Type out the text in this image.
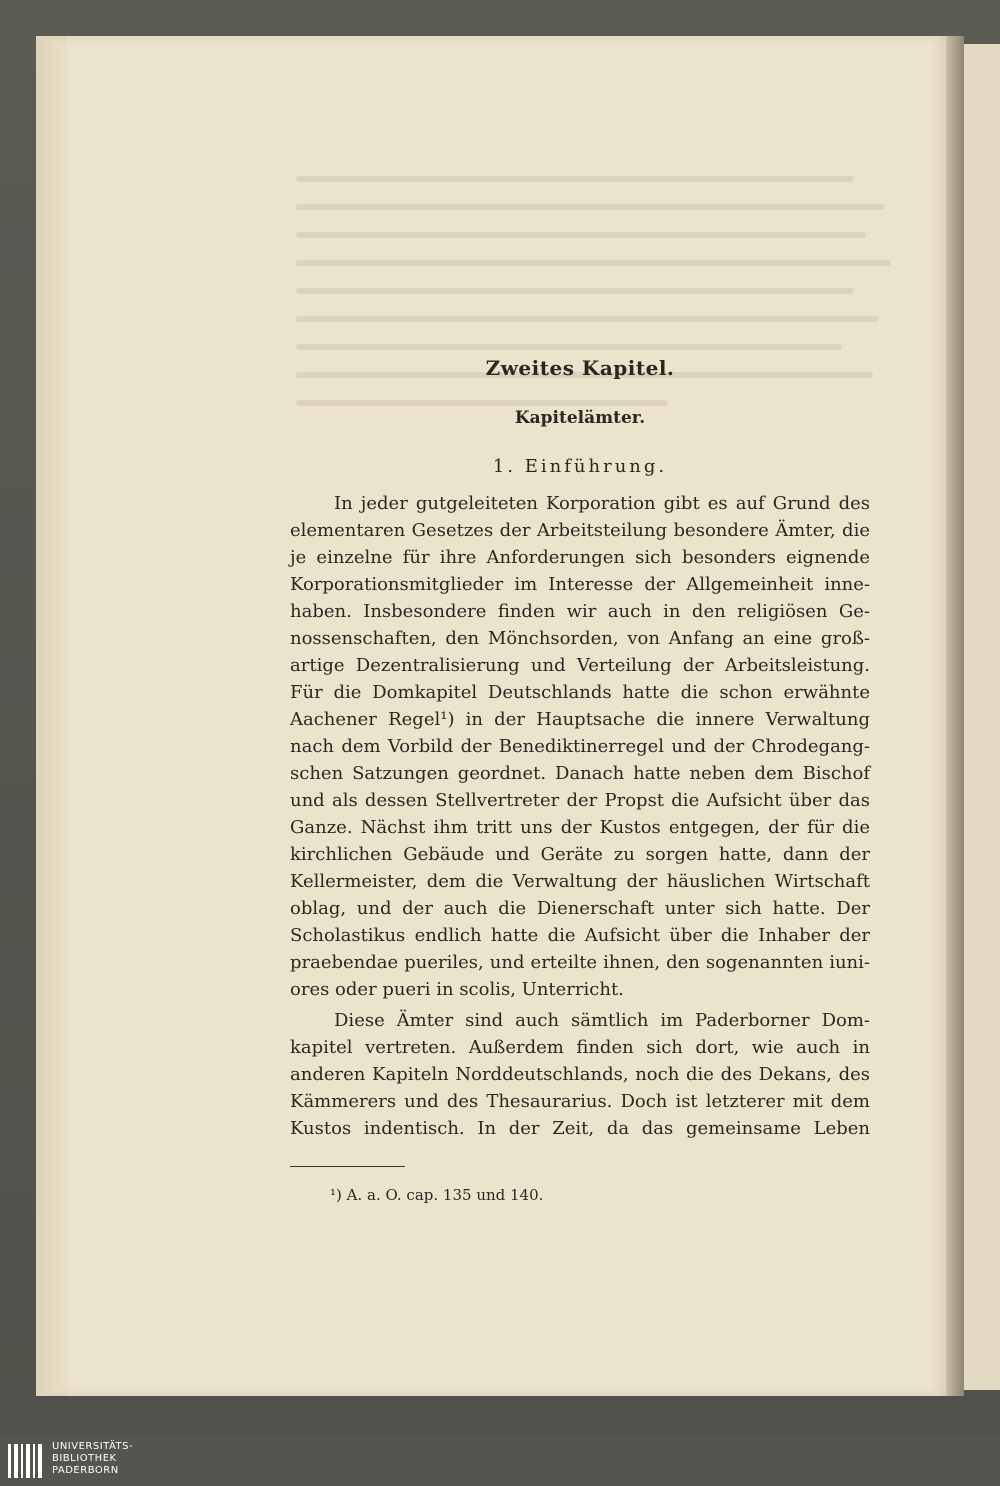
Zweites Kapitel.
Kapitelämter.
1. Einführung.
In jeder gutgeleiteten Korporation gibt es auf Grund des
elementaren Gesetzes der Arbeitsteilung besondere Ämter, die
je einzelne für ihre Anforderungen sich besonders eignende
Korporationsmitglieder im Interesse der Allgemeinheit inne-
haben. Insbesondere finden wir auch in den religiösen Ge-
nossenschaften, den Mönchsorden, von Anfang an eine groß-
artige Dezentralisierung und Verteilung der Arbeitsleistung.
Für die Domkapitel Deutschlands hatte die schon erwähnte
Aachener Regel¹) in der Hauptsache die innere Verwaltung
nach dem Vorbild der Benediktinerregel und der Chrodegang-
schen Satzungen geordnet. Danach hatte neben dem Bischof
und als dessen Stellvertreter der Propst die Aufsicht über das
Ganze. Nächst ihm tritt uns der Kustos entgegen, der für die
kirchlichen Gebäude und Geräte zu sorgen hatte, dann der
Kellermeister, dem die Verwaltung der häuslichen Wirtschaft
oblag, und der auch die Dienerschaft unter sich hatte. Der
Scholastikus endlich hatte die Aufsicht über die Inhaber der
praebendae pueriles, und erteilte ihnen, den sogenannten iuni-
ores oder pueri in scolis, Unterricht.
Diese Ämter sind auch sämtlich im Paderborner Dom-
kapitel vertreten. Außerdem finden sich dort, wie auch in
anderen Kapiteln Norddeutschlands, noch die des Dekans, des
Kämmerers und des Thesaurarius. Doch ist letzterer mit dem
Kustos indentisch. In der Zeit, da das gemeinsame Leben
¹) A. a. O. cap. 135 und 140.
UNIVERSITÄTS-
BIBLIOTHEK
PADERBORN
